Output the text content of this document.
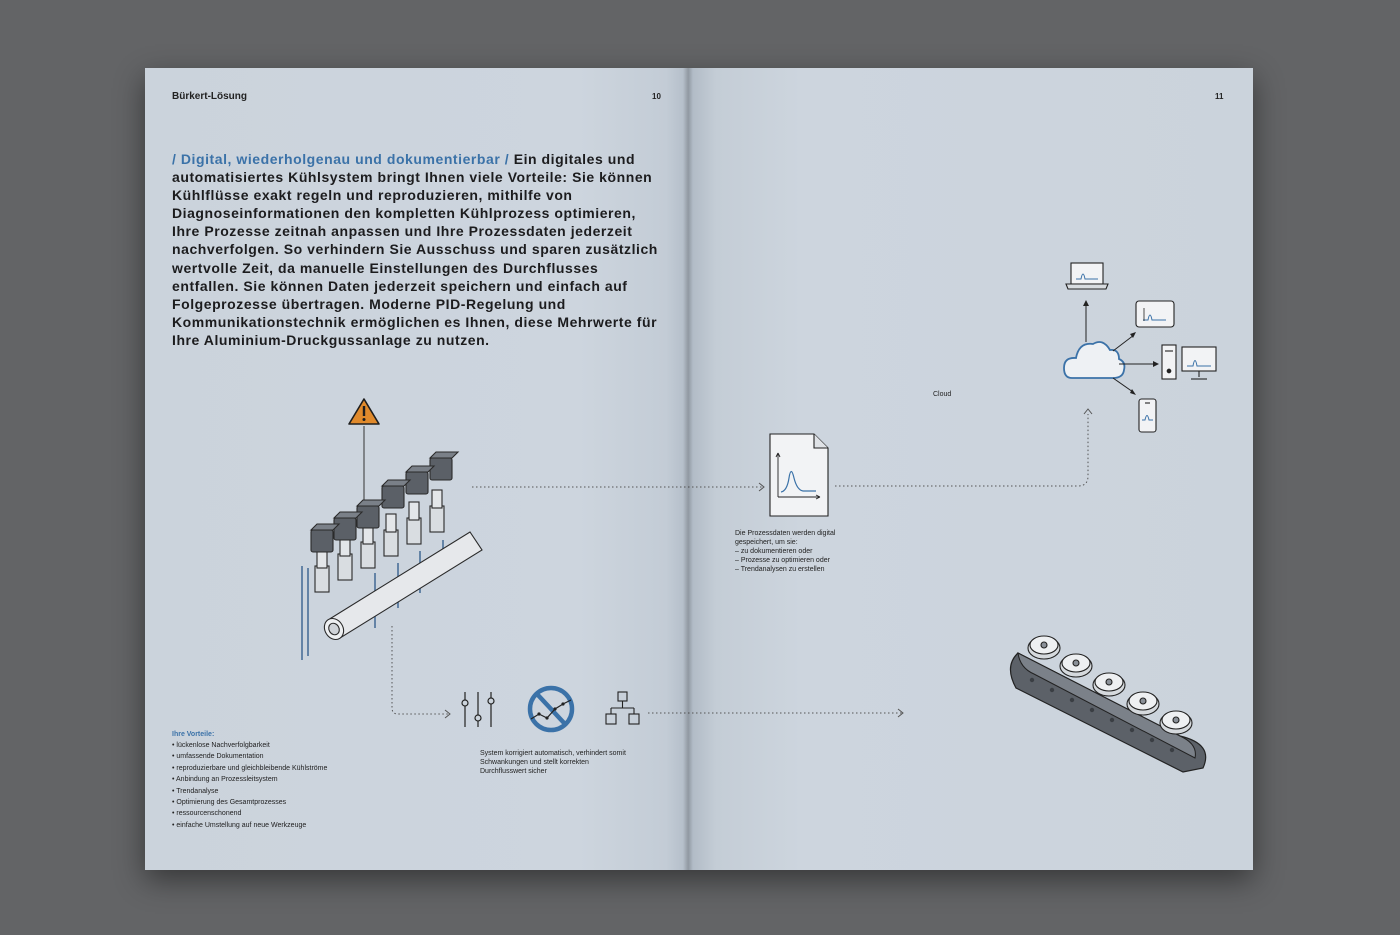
Bürkert-Lösung	10
/ Digital, wiederholgenau und dokumentierbar / Ein digitales und automatisiertes Kühlsystem bringt Ihnen viele Vorteile: Sie können Kühlflüsse exakt regeln und reproduzieren, mithilfe von Diagnoseinformationen den kompletten Kühlprozess optimieren, Ihre Prozesse zeitnah anpassen und Ihre Prozessdaten jederzeit nachverfolgen. So verhindern Sie Ausschuss und sparen zusätzlich wertvolle Zeit, da manuelle Einstellungen des Durchflusses entfallen. Sie können Daten jederzeit speichern und einfach auf Folgeprozesse übertragen. Moderne PID-Regelung und Kommunikationstechnik ermöglichen es Ihnen, diese Mehrwerte für Ihre Aluminium-Druckgussanlage zu nutzen.
Ihre Vorteile:
• lückenlose Nachverfolgbarkeit
• umfassende Dokumentation
• reproduzierbare und gleichbleibende Kühlströme
• Anbindung an Prozessleitsystem
• Trendanalyse
• Optimierung des Gesamtprozesses
• ressourcenschonend
• einfache Umstellung auf neue Werkzeuge
System korrigiert automatisch, verhindert somit Schwankungen und stellt korrekten Durchflusswert sicher
11
Cloud
Die Prozessdaten werden digital gespeichert, um sie:
– zu dokumentieren oder
– Prozesse zu optimieren oder
– Trendanalysen zu erstellen
